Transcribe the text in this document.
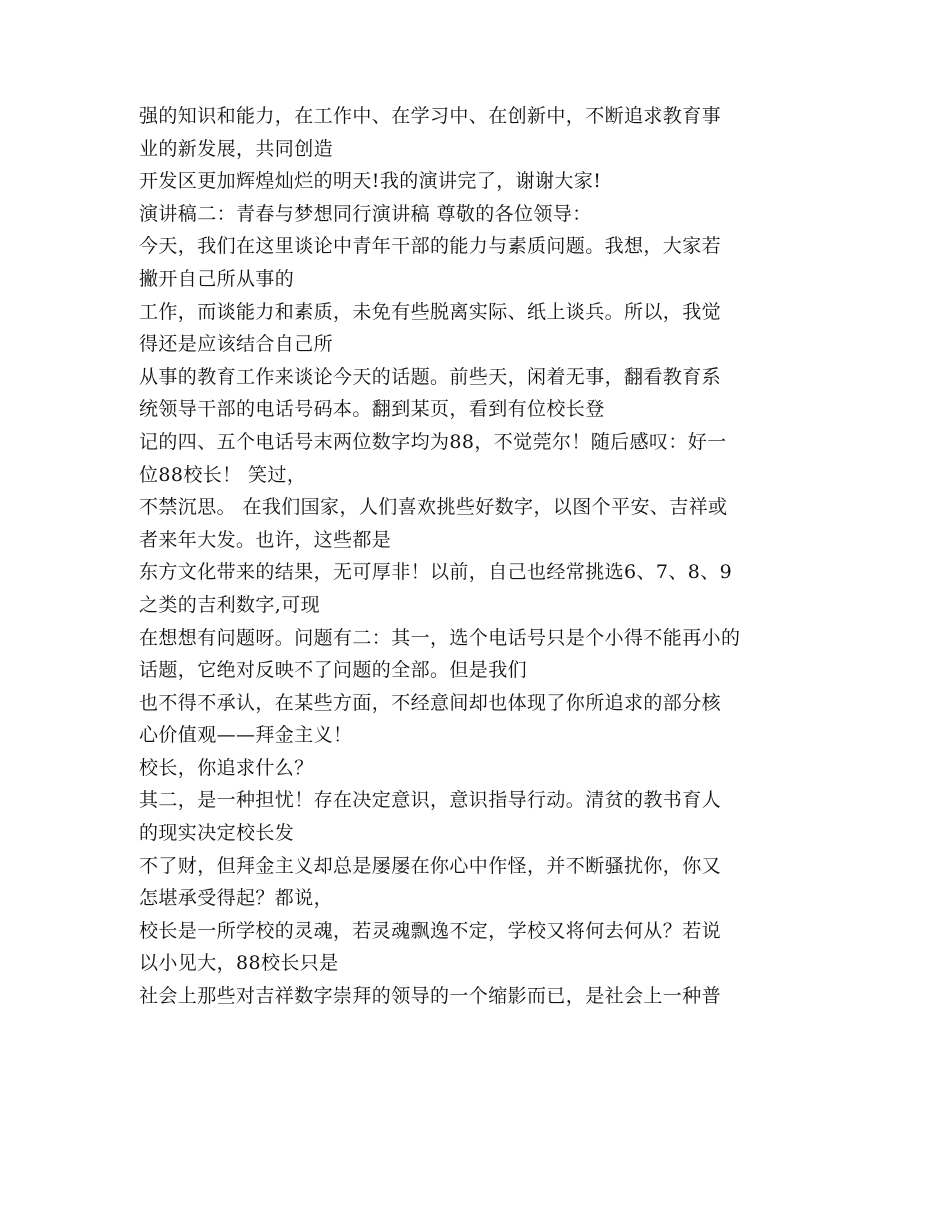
强的知识和能力，在工作中、在学习中、在创新中，不断追求教育事
业的新发展，共同创造
开发区更加辉煌灿烂的明天!我的演讲完了，谢谢大家!
演讲稿二：青春与梦想同行演讲稿 尊敬的各位领导：
今天，我们在这里谈论中青年干部的能力与素质问题。我想，大家若
撇开自己所从事的
工作，而谈能力和素质，未免有些脱离实际、纸上谈兵。所以，我觉
得还是应该结合自己所
从事的教育工作来谈论今天的话题。前些天，闲着无事，翻看教育系
统领导干部的电话号码本。翻到某页，看到有位校长登
记的四、五个电话号末两位数字均为88，不觉莞尔！随后感叹：好一
位88校长！ 笑过，
不禁沉思。 在我们国家，人们喜欢挑些好数字，以图个平安、吉祥或
者来年大发。也许，这些都是
东方文化带来的结果，无可厚非！以前，自己也经常挑选6、7、8、9
之类的吉利数字,可现
在想想有问题呀。问题有二：其一，选个电话号只是个小得不能再小的
话题，它绝对反映不了问题的全部。但是我们
也不得不承认，在某些方面，不经意间却也体现了你所追求的部分核
心价值观——拜金主义！
校长，你追求什么？
其二，是一种担忧！存在决定意识，意识指导行动。清贫的教书育人
的现实决定校长发
不了财，但拜金主义却总是屡屡在你心中作怪，并不断骚扰你，你又
怎堪承受得起？都说，
校长是一所学校的灵魂，若灵魂飘逸不定，学校又将何去何从？若说
以小见大，88校长只是
社会上那些对吉祥数字崇拜的领导的一个缩影而已，是社会上一种普
